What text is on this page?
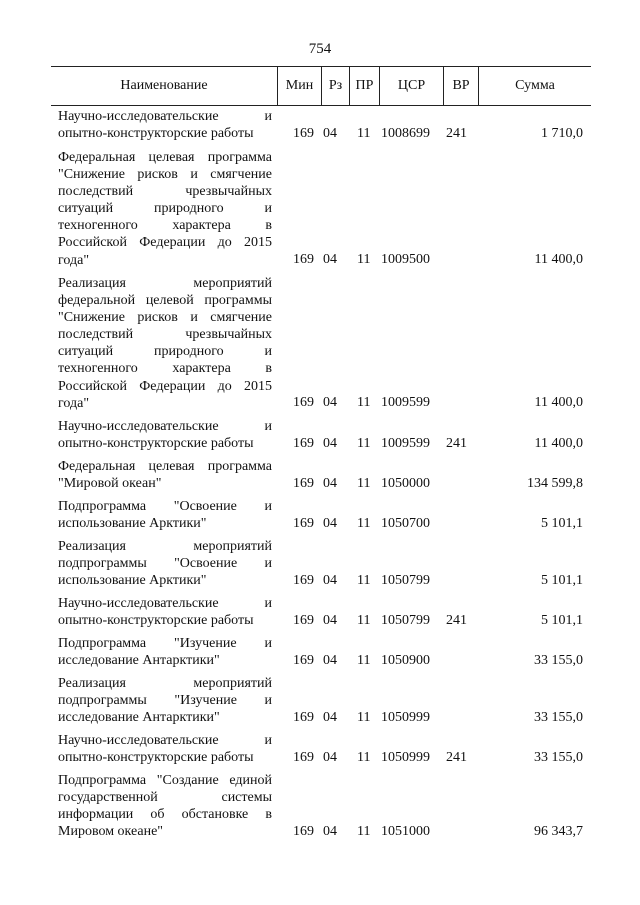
754
Наименование	Мин	Рз ПР	ЦСР	ВР	Сумма
Научно-исследовательские и опытно-конструкторские работы	169 04 11 1008699 241	1 710,0
Федеральная целевая программа "Снижение рисков и смягчение последствий чрезвычайных ситуаций природного и техногенного характера в Российской Федерации до 2015 года"	169 04 11 1009500	11 400,0
Реализация мероприятий федеральной целевой программы "Снижение рисков и смягчение последствий чрезвычайных ситуаций природного и техногенного характера в Российской Федерации до 2015 года"	169 04 11 1009599	11 400,0
Научно-исследовательские и опытно-конструкторские работы	169 04 11 1009599 241	11 400,0
Федеральная целевая программа "Мировой океан"	169 04 11 1050000	134 599,8
Подпрограмма "Освоение и использование Арктики"	169 04 11 1050700	5 101,1
Реализация мероприятий подпрограммы "Освоение и использование Арктики"	169 04 11 1050799	5 101,1
Научно-исследовательские и опытно-конструкторские работы	169 04 11 1050799 241	5 101,1
Подпрограмма "Изучение и исследование Антарктики"	169 04 11 1050900	33 155,0
Реализация мероприятий подпрограммы "Изучение и исследование Антарктики"	169 04 11 1050999	33 155,0
Научно-исследовательские и опытно-конструкторские работы	169 04 11 1050999 241	33 155,0
Подпрограмма "Создание единой государственной системы информации об обстановке в Мировом океане"	169 04 11 1051000	96 343,7
